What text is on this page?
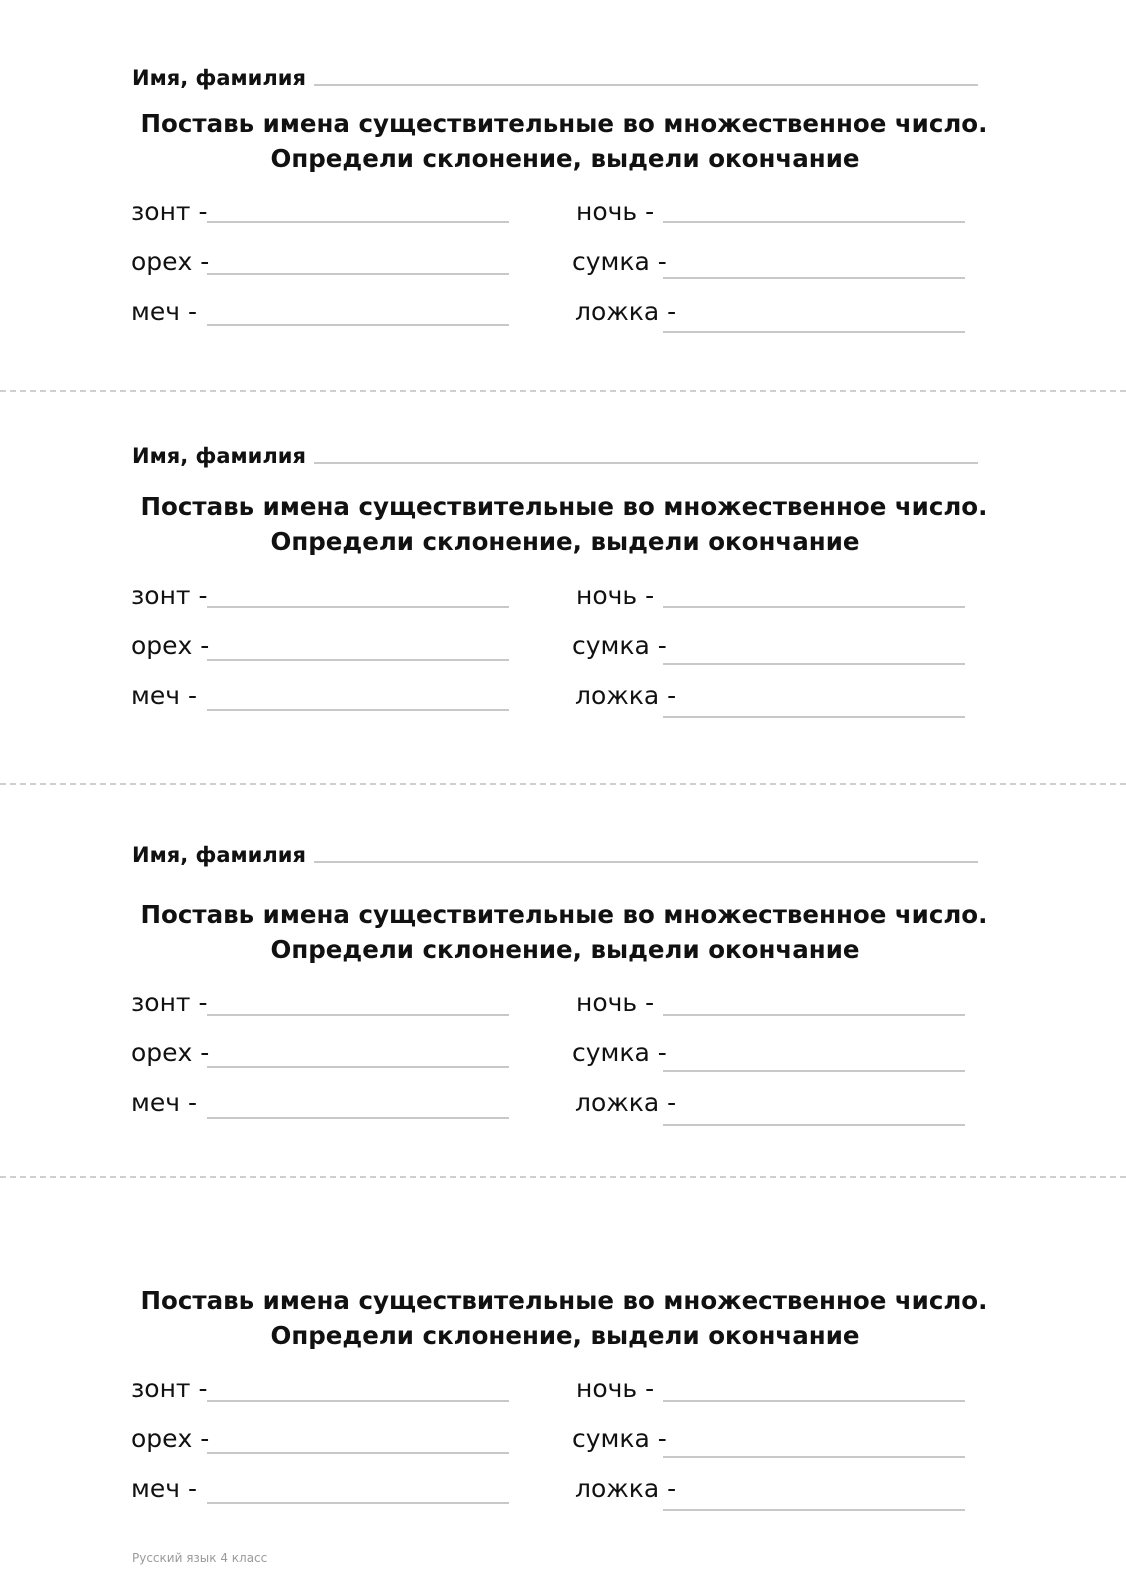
Имя, фамилия
Поставь имена существительные во множественное число.
Определи склонение, выдели окончание
зонт -
орех -
меч -
ночь -
сумка -
ложка -
Имя, фамилия
Поставь имена существительные во множественное число.
Определи склонение, выдели окончание
зонт -
орех -
меч -
ночь -
сумка -
ложка -
Имя, фамилия
Поставь имена существительные во множественное число.
Определи склонение, выдели окончание
зонт -
орех -
меч -
ночь -
сумка -
ложка -
Поставь имена существительные во множественное число.
Определи склонение, выдели окончание
зонт -
орех -
меч -
ночь -
сумка -
ложка -
Русский язык 4 класс
